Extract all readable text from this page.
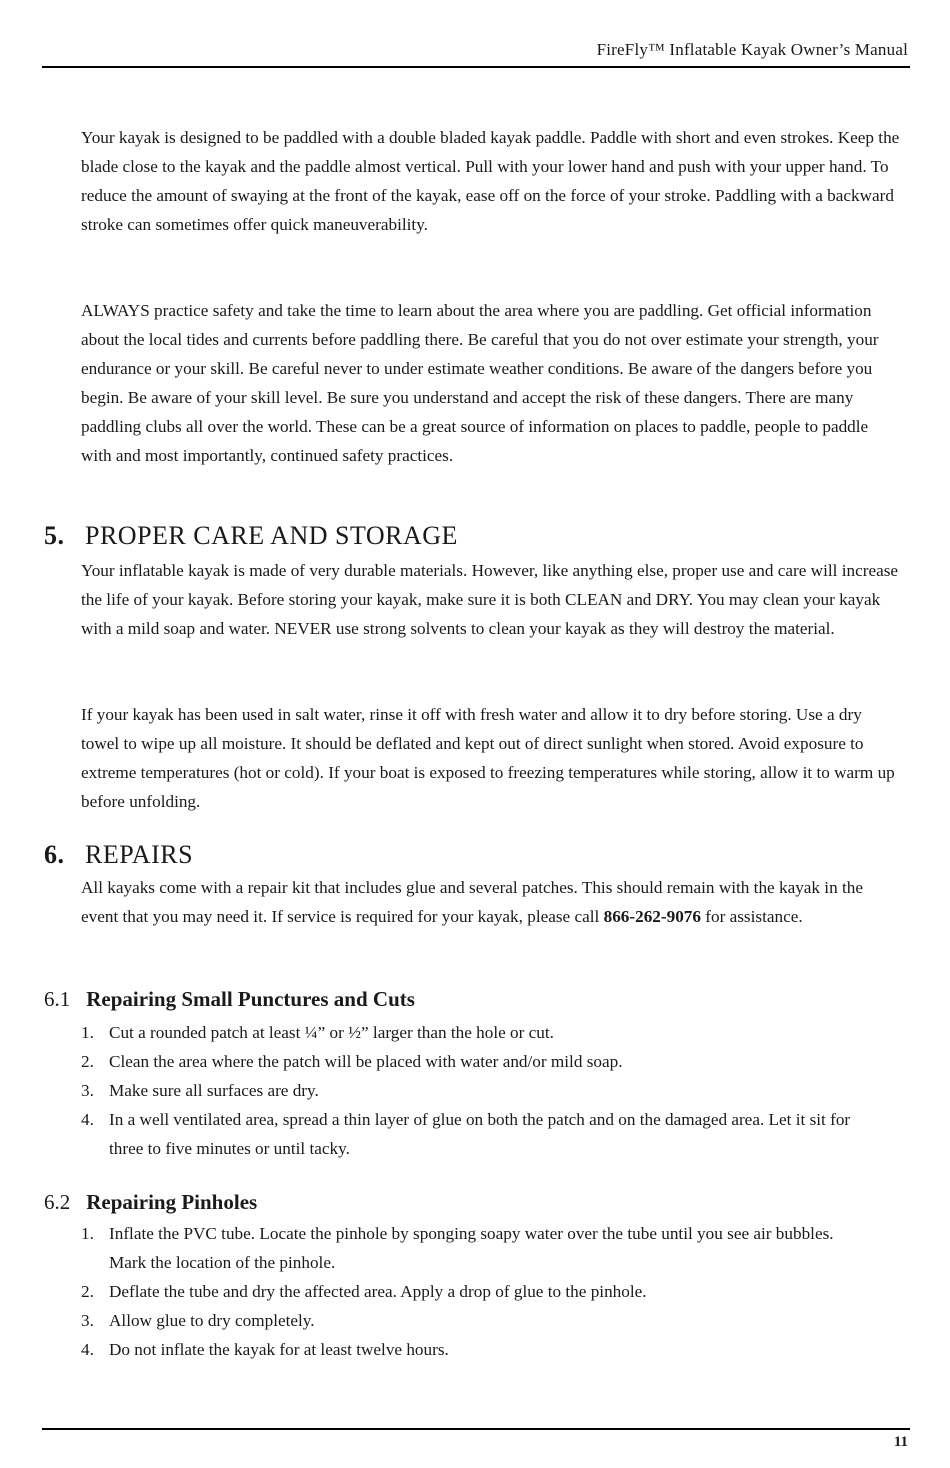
FireFly™ Inflatable Kayak Owner’s Manual

Your kayak is designed to be paddled with a double bladed kayak paddle. Paddle with short and even strokes. Keep the blade close to the kayak and the paddle almost vertical. Pull with your lower hand and push with your upper hand. To reduce the amount of swaying at the front of the kayak, ease off on the force of your stroke. Paddling with a backward stroke can sometimes offer quick maneuverability.

ALWAYS practice safety and take the time to learn about the area where you are paddling. Get official information about the local tides and currents before paddling there. Be careful that you do not over estimate your strength, your endurance or your skill. Be careful never to under estimate weather conditions. Be aware of the dangers before you begin. Be aware of your skill level. Be sure you understand and accept the risk of these dangers. There are many paddling clubs all over the world. These can be a great source of information on places to paddle, people to paddle with and most importantly, continued safety practices.

5. PROPER CARE AND STORAGE

Your inflatable kayak is made of very durable materials. However, like anything else, proper use and care will increase the life of your kayak. Before storing your kayak, make sure it is both CLEAN and DRY. You may clean your kayak with a mild soap and water. NEVER use strong solvents to clean your kayak as they will destroy the material.

If your kayak has been used in salt water, rinse it off with fresh water and allow it to dry before storing. Use a dry towel to wipe up all moisture. It should be deflated and kept out of direct sunlight when stored. Avoid exposure to extreme temperatures (hot or cold). If your boat is exposed to freezing temperatures while storing, allow it to warm up before unfolding.

6. REPAIRS

All kayaks come with a repair kit that includes glue and several patches. This should remain with the kayak in the event that you may need it. If service is required for your kayak, please call 866-262-9076 for assistance.

6.1 Repairing Small Punctures and Cuts
1. Cut a rounded patch at least ¼” or ½” larger than the hole or cut.
2. Clean the area where the patch will be placed with water and/or mild soap.
3. Make sure all surfaces are dry.
4. In a well ventilated area, spread a thin layer of glue on both the patch and on the damaged area. Let it sit for three to five minutes or until tacky.
6.2 Repairing Pinholes
1. Inflate the PVC tube. Locate the pinhole by sponging soapy water over the tube until you see air bubbles. Mark the location of the pinhole.
2. Deflate the tube and dry the affected area. Apply a drop of glue to the pinhole.
3. Allow glue to dry completely.
4. Do not inflate the kayak for at least twelve hours.
11
